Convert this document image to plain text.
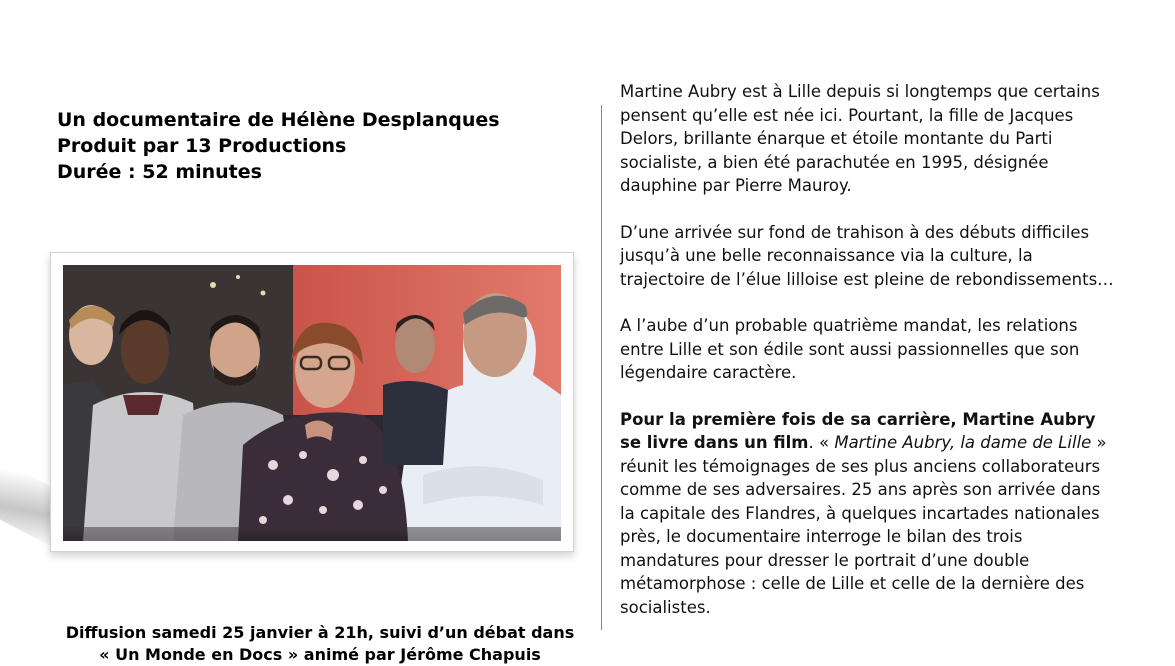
Un documentaire de Hélène Desplanques
Produit par 13 Productions
Durée : 52 minutes

Martine Aubry est à Lille depuis si longtemps que certains pensent qu’elle est née ici. Pourtant, la fille de Jacques Delors, brillante énarque et étoile montante du Parti socialiste, a bien été parachutée en 1995, désignée dauphine par Pierre Mauroy.

D’une arrivée sur fond de trahison à des débuts difficiles jusqu’à une belle reconnaissance via la culture, la trajectoire de l’élue lilloise est pleine de rebondissements…

A l’aube d’un probable quatrième mandat, les relations entre Lille et son édile sont aussi passionnelles que son légendaire caractère.

Pour la première fois de sa carrière, Martine Aubry se livre dans un film. « Martine Aubry, la dame de Lille » réunit les témoignages de ses plus anciens collaborateurs comme de ses adversaires. 25 ans après son arrivée dans la capitale des Flandres, à quelques incartades nationales près, le documentaire interroge le bilan des trois mandatures pour dresser le portrait d’une double métamorphose : celle de Lille et celle de la dernière des socialistes.

Diffusion samedi 25 janvier à 21h, suivi d’un débat dans
« Un Monde en Docs » animé par Jérôme Chapuis
